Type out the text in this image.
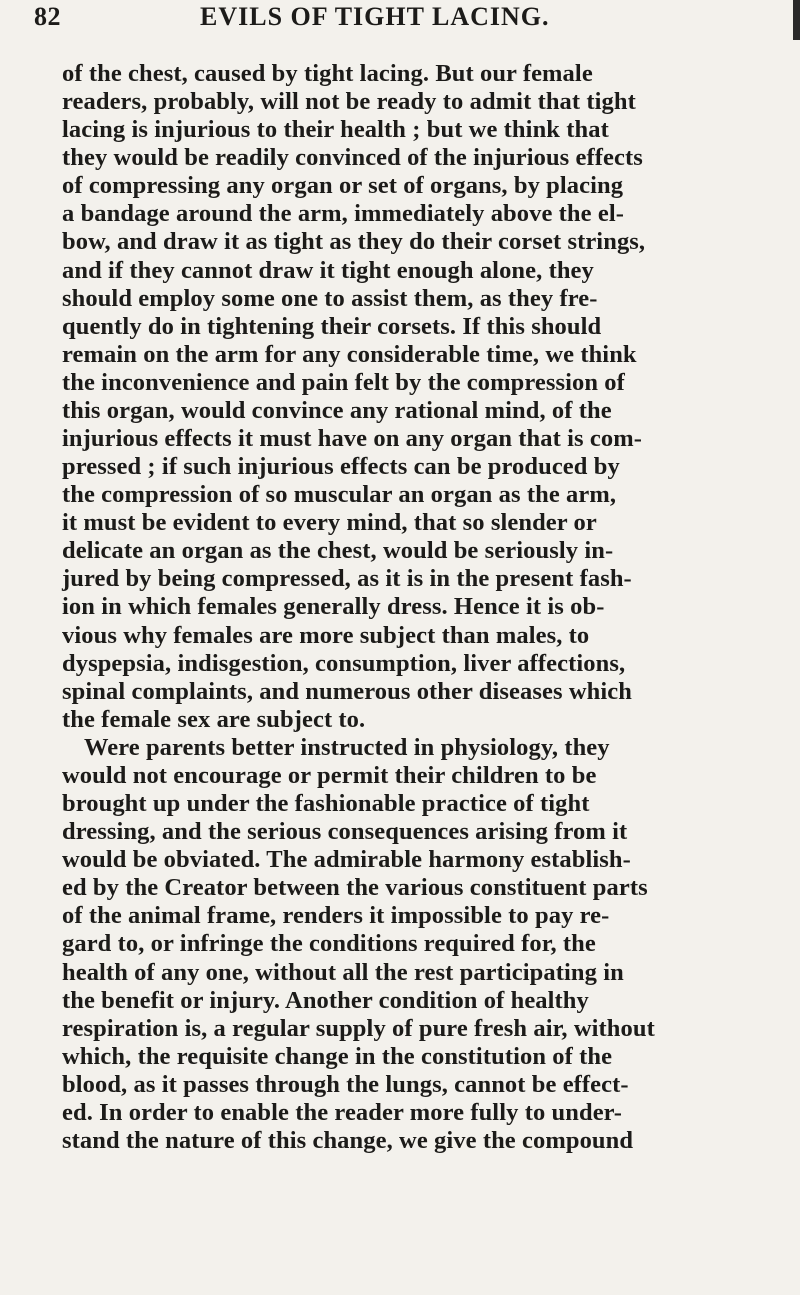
82	EVILS OF TIGHT LACING.
of the chest, caused by tight lacing. But our female
readers, probably, will not be ready to admit that tight
lacing is injurious to their health ; but we think that
they would be readily convinced of the injurious effects
of compressing any organ or set of organs, by placing
a bandage around the arm, immediately above the el-
bow, and draw it as tight as they do their corset strings,
and if they cannot draw it tight enough alone, they
should employ some one to assist them, as they fre-
quently do in tightening their corsets. If this should
remain on the arm for any considerable time, we think
the inconvenience and pain felt by the compression of
this organ, would convince any rational mind, of the
injurious effects it must have on any organ that is com-
pressed ; if such injurious effects can be produced by
the compression of so muscular an organ as the arm,
it must be evident to every mind, that so slender or
delicate an organ as the chest, would be seriously in-
jured by being compressed, as it is in the present fash-
ion in which females generally dress. Hence it is ob-
vious why females are more subject than males, to
dyspepsia, indisgestion, consumption, liver affections,
spinal complaints, and numerous other diseases which
the female sex are subject to.
Were parents better instructed in physiology, they
would not encourage or permit their children to be
brought up under the fashionable practice of tight
dressing, and the serious consequences arising from it
would be obviated. The admirable harmony establish-
ed by the Creator between the various constituent parts
of the animal frame, renders it impossible to pay re-
gard to, or infringe the conditions required for, the
health of any one, without all the rest participating in
the benefit or injury. Another condition of healthy
respiration is, a regular supply of pure fresh air, without
which, the requisite change in the constitution of the
blood, as it passes through the lungs, cannot be effect-
ed. In order to enable the reader more fully to under-
stand the nature of this change, we give the compound
